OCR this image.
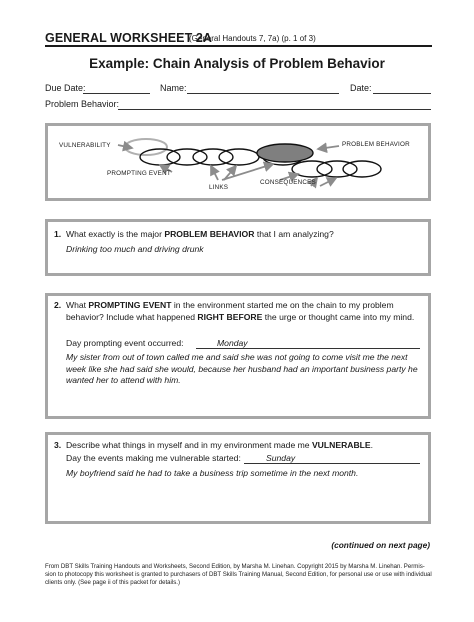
GENERAL WORKSHEET 2A
(General Handouts 7, 7a) (p. 1 of 3)
Example: Chain Analysis of Problem Behavior
Due Date:	Name:	Date:
Problem Behavior:
VULNERABILITY	PROBLEM BEHAVIOR
PROMPTING EVENT
LINKS
CONSEQUENCES
1. What exactly is the major PROBLEM BEHAVIOR that I am analyzing?
Drinking too much and driving drunk
2. What PROMPTING EVENT in the environment started me on the chain to my problem behavior? Include what happened RIGHT BEFORE the urge or thought came into my mind.
Day prompting event occurred:	Monday
My sister from out of town called me and said she was not going to come visit me the next week like she had said she would, because her husband had an important business party he wanted her to attend with him.
3. Describe what things in myself and in my environment made me VULNERABLE.
Day the events making me vulnerable started:	Sunday
My boyfriend said he had to take a business trip sometime in the next month.
(continued on next page)
From DBT Skills Training Handouts and Worksheets, Second Edition, by Marsha M. Linehan. Copyright 2015 by Marsha M. Linehan. Permis-
sion to photocopy this worksheet is granted to purchasers of DBT Skills Training Manual, Second Edition, for personal use or use with individual
clients only. (See page ii of this packet for details.)
